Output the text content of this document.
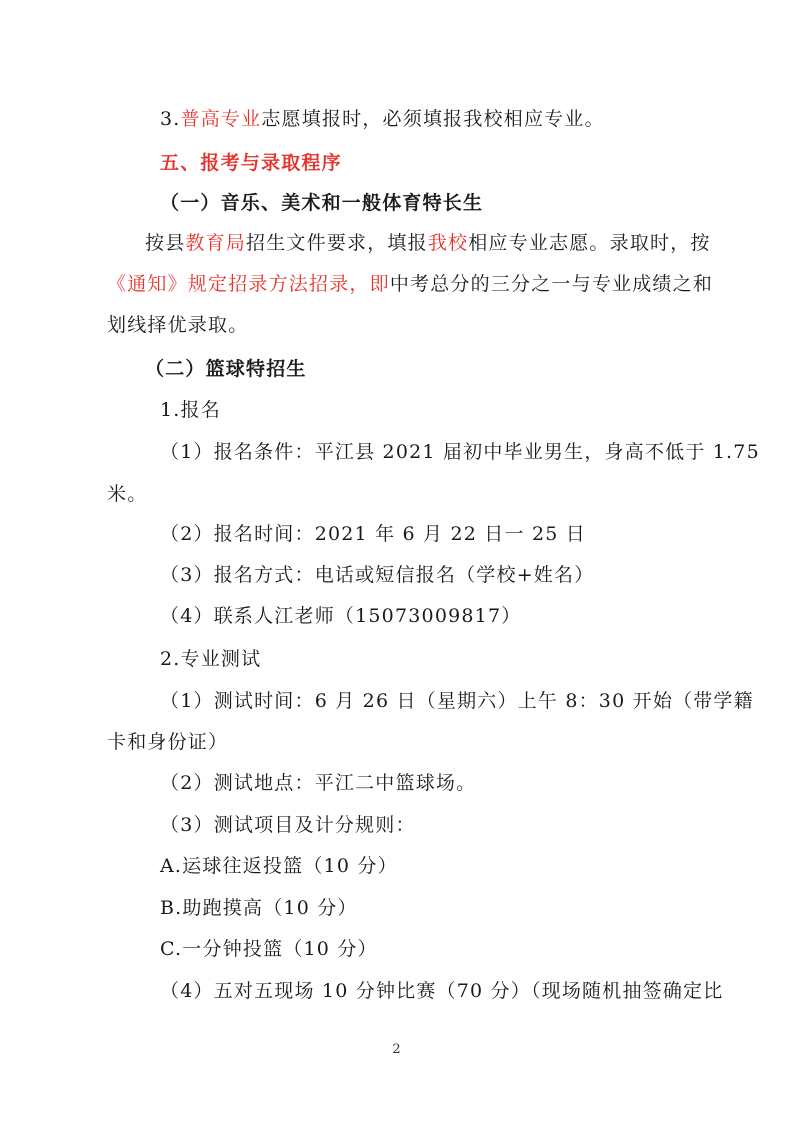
3.普高专业志愿填报时，必须填报我校相应专业。
五、报考与录取程序
（一）音乐、美术和一般体育特长生
按县教育局招生文件要求，填报我校相应专业志愿。录取时，按
《通知》规定招录方法招录，即中考总分的三分之一与专业成绩之和
划线择优录取。
（二）篮球特招生
1.报名
（1）报名条件：平江县 2021 届初中毕业男生，身高不低于 1.75
米。
（2）报名时间：2021 年 6 月 22 日一 25 日
（3）报名方式：电话或短信报名（学校+姓名）
（4）联系人江老师（15073009817）
2.专业测试
（1）测试时间：6 月 26 日（星期六）上午 8：30 开始（带学籍
卡和身份证）
（2）测试地点：平江二中篮球场。
（3）测试项目及计分规则：
A.运球往返投篮（10 分）
B.助跑摸高（10 分）
C.一分钟投篮（10 分）
（4）五对五现场 10 分钟比赛（70 分）（现场随机抽签确定比
2
